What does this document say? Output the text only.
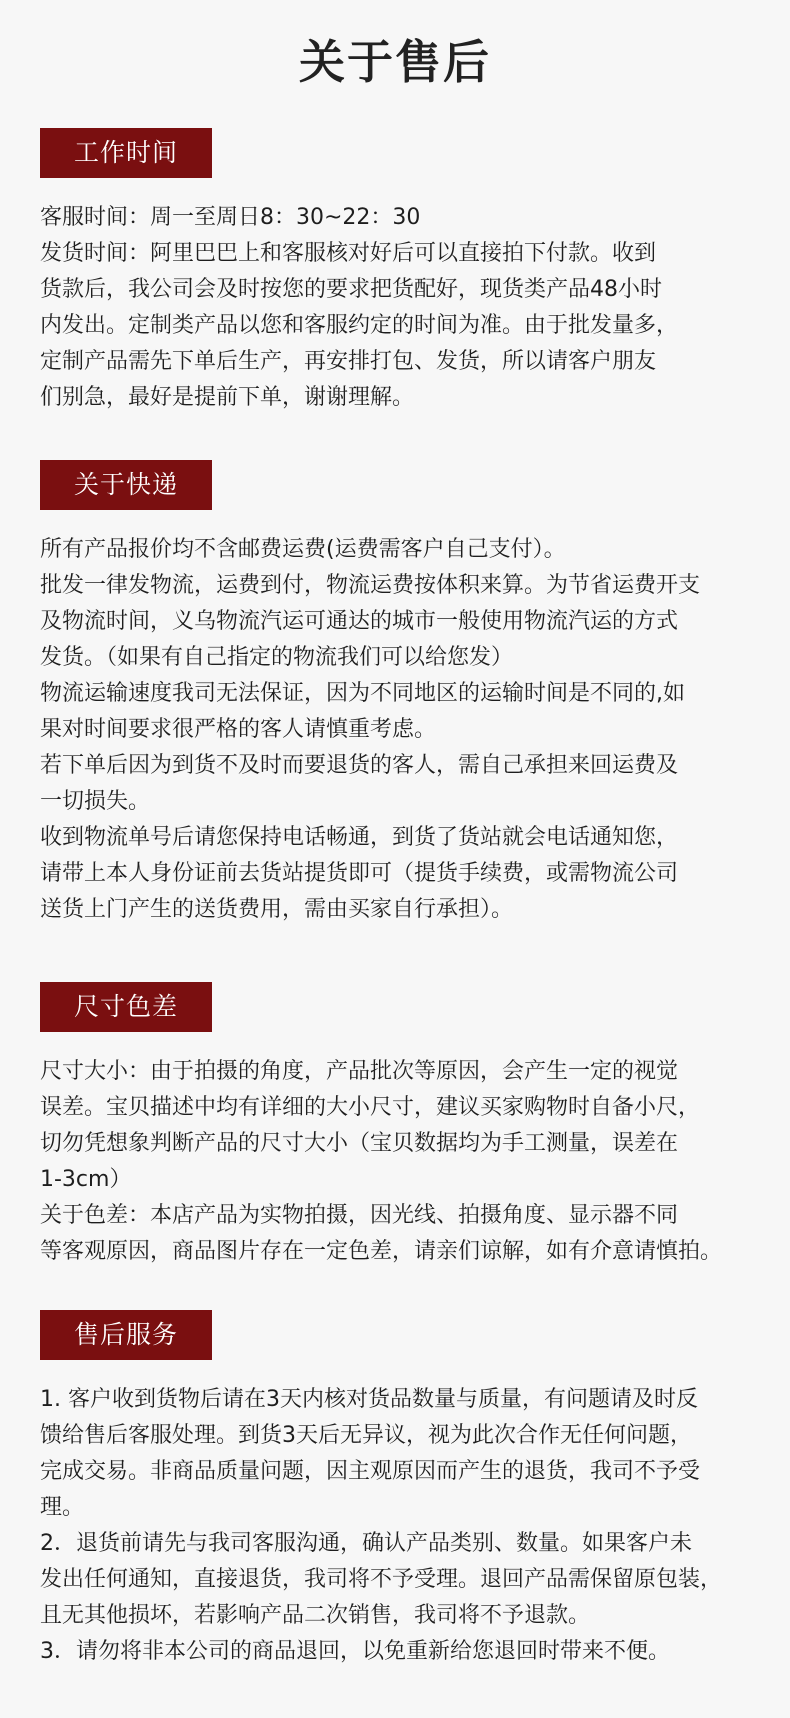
关于售后
工作时间
客服时间：周一至周日8：30~22：30
发货时间：阿里巴巴上和客服核对好后可以直接拍下付款。收到
货款后，我公司会及时按您的要求把货配好，现货类产品48小时
内发出。定制类产品以您和客服约定的时间为准。由于批发量多，
定制产品需先下单后生产，再安排打包、发货，所以请客户朋友
们别急，最好是提前下单，谢谢理解。
关于快递
所有产品报价均不含邮费运费(运费需客户自己支付）。
批发一律发物流，运费到付，物流运费按体积来算。为节省运费开支
及物流时间，义乌物流汽运可通达的城市一般使用物流汽运的方式
发货。（如果有自己指定的物流我们可以给您发）
物流运输速度我司无法保证，因为不同地区的运输时间是不同的,如
果对时间要求很严格的客人请慎重考虑。
若下单后因为到货不及时而要退货的客人，需自己承担来回运费及
一切损失。
收到物流单号后请您保持电话畅通，到货了货站就会电话通知您，
请带上本人身份证前去货站提货即可（提货手续费，或需物流公司
送货上门产生的送货费用，需由买家自行承担）。
尺寸色差
尺寸大小：由于拍摄的角度，产品批次等原因，会产生一定的视觉
误差。宝贝描述中均有详细的大小尺寸，建议买家购物时自备小尺，
切勿凭想象判断产品的尺寸大小（宝贝数据均为手工测量，误差在
1-3cm）
关于色差：本店产品为实物拍摄，因光线、拍摄角度、显示器不同
等客观原因，商品图片存在一定色差，请亲们谅解，如有介意请慎拍。
售后服务
1. 客户收到货物后请在3天内核对货品数量与质量，有问题请及时反
馈给售后客服处理。到货3天后无异议，视为此次合作无任何问题，
完成交易。非商品质量问题，因主观原因而产生的退货，我司不予受
理。
2．退货前请先与我司客服沟通，确认产品类别、数量。如果客户未
发出任何通知，直接退货，我司将不予受理。退回产品需保留原包装，
且无其他损坏，若影响产品二次销售，我司将不予退款。
3．请勿将非本公司的商品退回，以免重新给您退回时带来不便。
